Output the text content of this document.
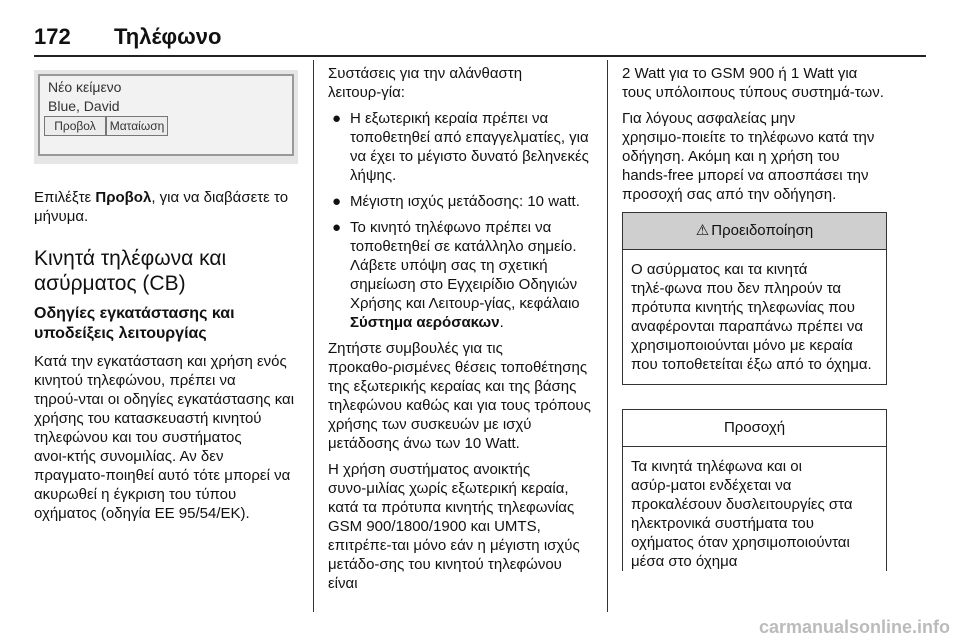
172	Τηλέφωνο
Νέο κείμενο
Blue, David
Προβολ	Ματαίωση

Επιλέξτε Προβολ, για να διαβάσετε το μήνυμα.

Κινητά τηλέφωνα και ασύρματος (CB)
Οδηγίες εγκατάστασης και υποδείξεις λειτουργίας

Κατά την εγκατάσταση και χρήση ενός κινητού τηλεφώνου, πρέπει να τηρού‑νται οι οδηγίες εγκατάστασης και χρήσης του κατασκευαστή κινητού τηλεφώνου και του συστήματος ανοι‑κτής συνομιλίας. Αν δεν πραγματο‑ποιηθεί αυτό τότε μπορεί να ακυρωθεί η έγκριση του τύπου οχήματος (οδηγία ΕΕ 95/54/ΕΚ).

Συστάσεις για την αλάνθαστη λειτουρ‑γία:

● Η εξωτερική κεραία πρέπει να τοποθετηθεί από επαγγελματίες, για να έχει το μέγιστο δυνατό βεληνεκές λήψης.
● Μέγιστη ισχύς μετάδοσης: 10 watt.
● Το κινητό τηλέφωνο πρέπει να τοποθετηθεί σε κατάλληλο σημείο. Λάβετε υπόψη σας τη σχετική σημείωση στο Εγχειρίδιο Οδηγιών Χρήσης και Λειτουρ‑γίας, κεφάλαιο Σύστημα αερόσακων.

Ζητήστε συμβουλές για τις προκαθο‑ρισμένες θέσεις τοποθέτησης της εξωτερικής κεραίας και της βάσης τηλεφώνου καθώς και για τους τρόπους χρήσης των συσκευών με ισχύ μετάδοσης άνω των 10 Watt.

Η χρήση συστήματος ανοικτής συνο‑μιλίας χωρίς εξωτερική κεραία, κατά τα πρότυπα κινητής τηλεφωνίας GSM 900/1800/1900 και UMTS, επιτρέπε‑ται μόνο εάν η μέγιστη ισχύς μετάδο‑σης του κινητού τηλεφώνου είναι

2 Watt για το GSM 900 ή 1 Watt για τους υπόλοιπους τύπους συστημά‑των.

Για λόγους ασφαλείας μην χρησιμο‑ποιείτε το τηλέφωνο κατά την οδήγηση. Ακόμη και η χρήση του hands-free μπορεί να αποσπάσει την προσοχή σας από την οδήγηση.

⚠ Προειδοποίηση
Ο ασύρματος και τα κινητά τηλέ‑φωνα που δεν πληρούν τα πρότυπα κινητής τηλεφωνίας που αναφέρονται παραπάνω πρέπει να χρησιμοποιούνται μόνο με κεραία που τοποθετείται έξω από το όχημα.
Προσοχή
Τα κινητά τηλέφωνα και οι ασύρ‑ματοι ενδέχεται να προκαλέσουν δυσλειτουργίες στα ηλεκτρονικά συστήματα του οχήματος όταν χρησιμοποιούνται μέσα στο όχημα
carmanualsonline.info
